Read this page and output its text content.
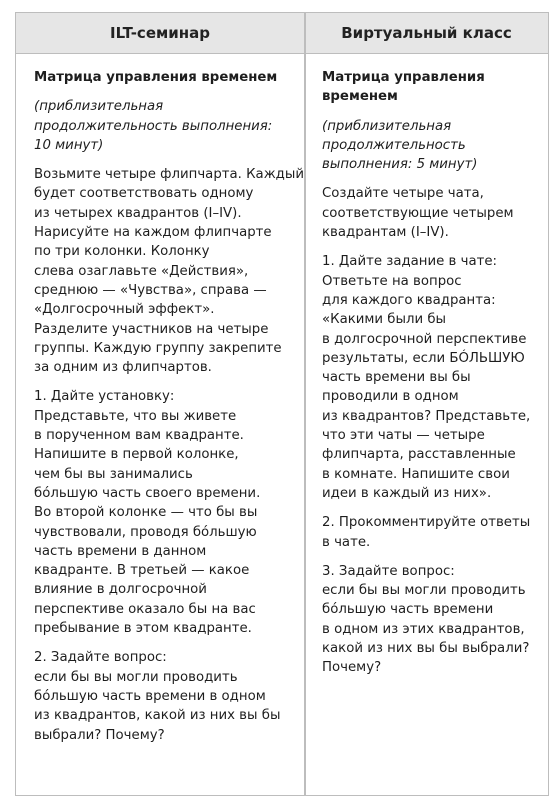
ILT-семинар	Виртуальный класс
Матрица управления временем
(приблизительная
продолжительность выполнения:
10 минут)
Возьмите четыре флипчарта. Каждый
будет соответствовать одному
из четырех квадрантов (I–IV).
Нарисуйте на каждом флипчарте
по три колонки. Колонку
слева озаглавьте «Действия»,
среднюю — «Чувства», справа —
«Долгосрочный эффект».
Разделите участников на четыре
группы. Каждую группу закрепите
за одним из флипчартов.
1. Дайте установку:
Представьте, что вы живете
в порученном вам квадранте.
Напишите в первой колонке,
чем бы вы занимались
бóльшую часть своего времени.
Во второй колонке — что бы вы
чувствовали, проводя бóльшую
часть времени в данном
квадранте. В третьей — какое
влияние в долгосрочной
перспективе оказало бы на вас
пребывание в этом квадранте.
2. Задайте вопрос:
если бы вы могли проводить
бóльшую часть времени в одном
из квадрантов, какой из них вы бы
выбрали? Почему?
Матрица управления
временем
(приблизительная
продолжительность
выполнения: 5 минут)
Создайте четыре чата,
соответствующие четырем
квадрантам (I–IV).
1. Дайте задание в чате:
Ответьте на вопрос
для каждого квадранта:
«Какими были бы
в долгосрочной перспективе
результаты, если БÓЛЬШУЮ
часть времени вы бы
проводили в одном
из квадрантов? Представьте,
что эти чаты — четыре
флипчарта, расставленные
в комнате. Напишите свои
идеи в каждый из них».
2. Прокомментируйте ответы
в чате.
3. Задайте вопрос:
если бы вы могли проводить
бóльшую часть времени
в одном из этих квадрантов,
какой из них вы бы выбрали?
Почему?
